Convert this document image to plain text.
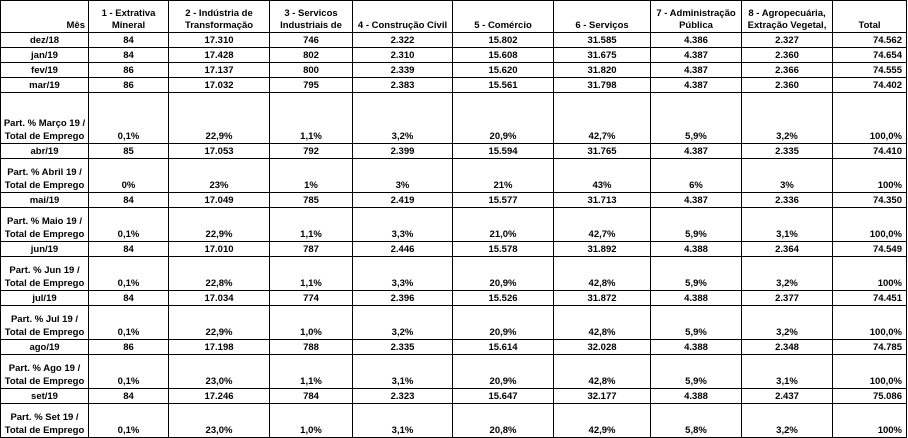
Mês	1 - Extrativa Mineral	2 - Indústria de Transformação	3 - Servicos Industriais de	4 - Construção Civil	5 - Comércio	6 - Serviços	7 - Administração Pública	8 - Agropecuária, Extração Vegetal,	Total
dez/18	84	17.310	746	2.322	15.802	31.585	4.386	2.327	74.562
jan/19	84	17.428	802	2.310	15.608	31.675	4.387	2.360	74.654
fev/19	86	17.137	800	2.339	15.620	31.820	4.387	2.366	74.555
mar/19	86	17.032	795	2.383	15.561	31.798	4.387	2.360	74.402
Part. % Março 19 / Total de Emprego	0,1%	22,9%	1,1%	3,2%	20,9%	42,7%	5,9%	3,2%	100,0%
abr/19	85	17.053	792	2.399	15.594	31.765	4.387	2.335	74.410
Part. % Abril 19 / Total de Emprego	0%	23%	1%	3%	21%	43%	6%	3%	100%
mai/19	84	17.049	785	2.419	15.577	31.713	4.387	2.336	74.350
Part. % Maio 19 / Total de Emprego	0,1%	22,9%	1,1%	3,3%	21,0%	42,7%	5,9%	3,1%	100,0%
jun/19	84	17.010	787	2.446	15.578	31.892	4.388	2.364	74.549
Part. % Jun 19 / Total de Emprego	0,1%	22,8%	1,1%	3,3%	20,9%	42,8%	5,9%	3,2%	100%
jul/19	84	17.034	774	2.396	15.526	31.872	4.388	2.377	74.451
Part. % Jul 19 / Total de Emprego	0,1%	22,9%	1,0%	3,2%	20,9%	42,8%	5,9%	3,2%	100,0%
ago/19	86	17.198	788	2.335	15.614	32.028	4.388	2.348	74.785
Part. % Ago 19 / Total de Emprego	0,1%	23,0%	1,1%	3,1%	20,9%	42,8%	5,9%	3,1%	100,0%
set/19	84	17.246	784	2.323	15.647	32.177	4.388	2.437	75.086
Part. % Set 19 / Total de Emprego	0,1%	23,0%	1,0%	3,1%	20,8%	42,9%	5,8%	3,2%	100%
